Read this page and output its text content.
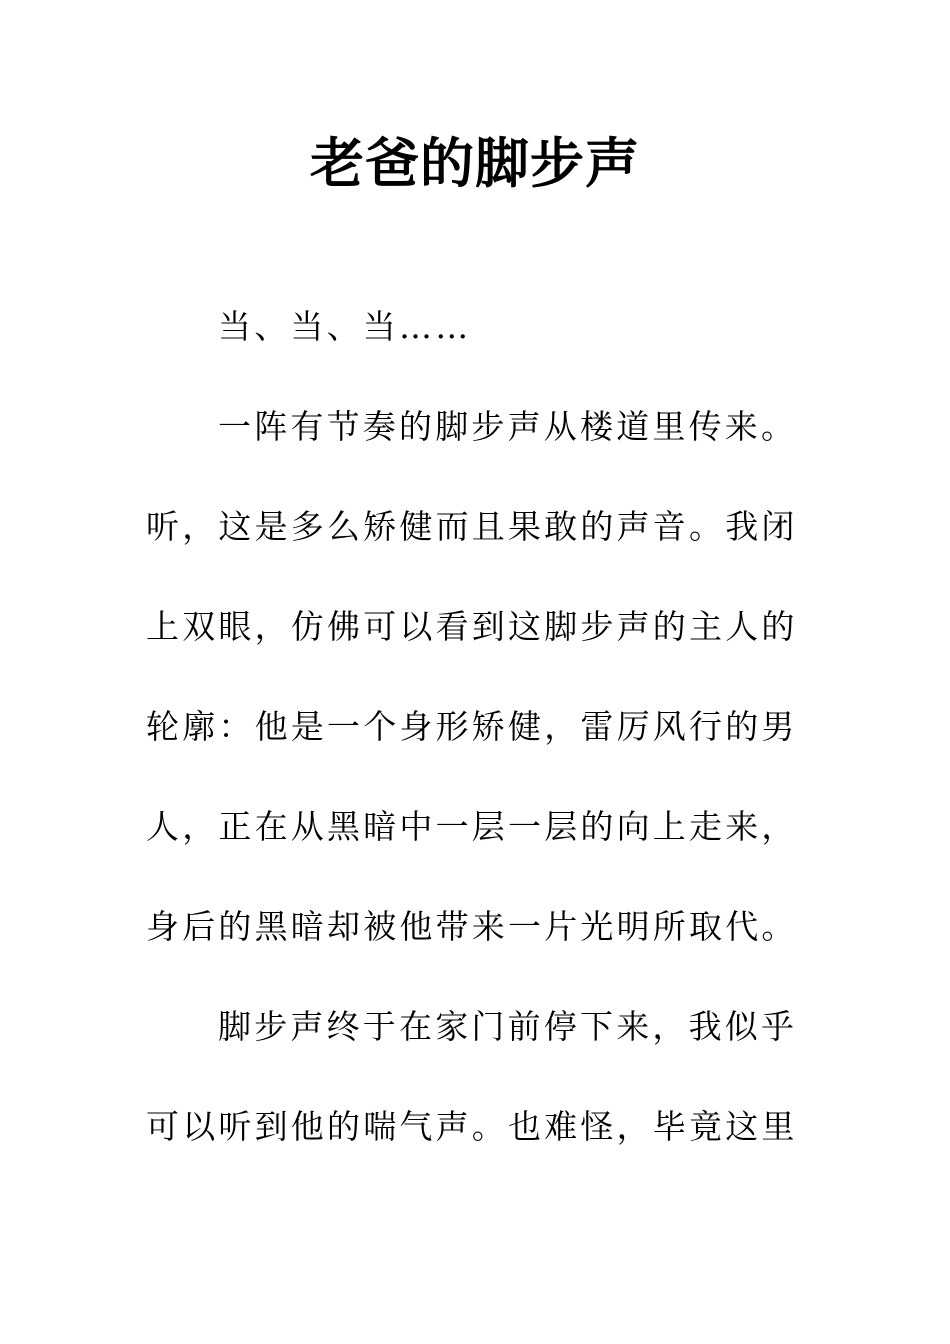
老爸的脚步声

当、当、当……

一阵有节奏的脚步声从楼道里传来。

听，这是多么矫健而且果敢的声音。我闭

上双眼，仿佛可以看到这脚步声的主人的

轮廓：他是一个身形矫健，雷厉风行的男

人，正在从黑暗中一层一层的向上走来，

身后的黑暗却被他带来一片光明所取代。

脚步声终于在家门前停下来，我似乎

可以听到他的喘气声。也难怪，毕竟这里
